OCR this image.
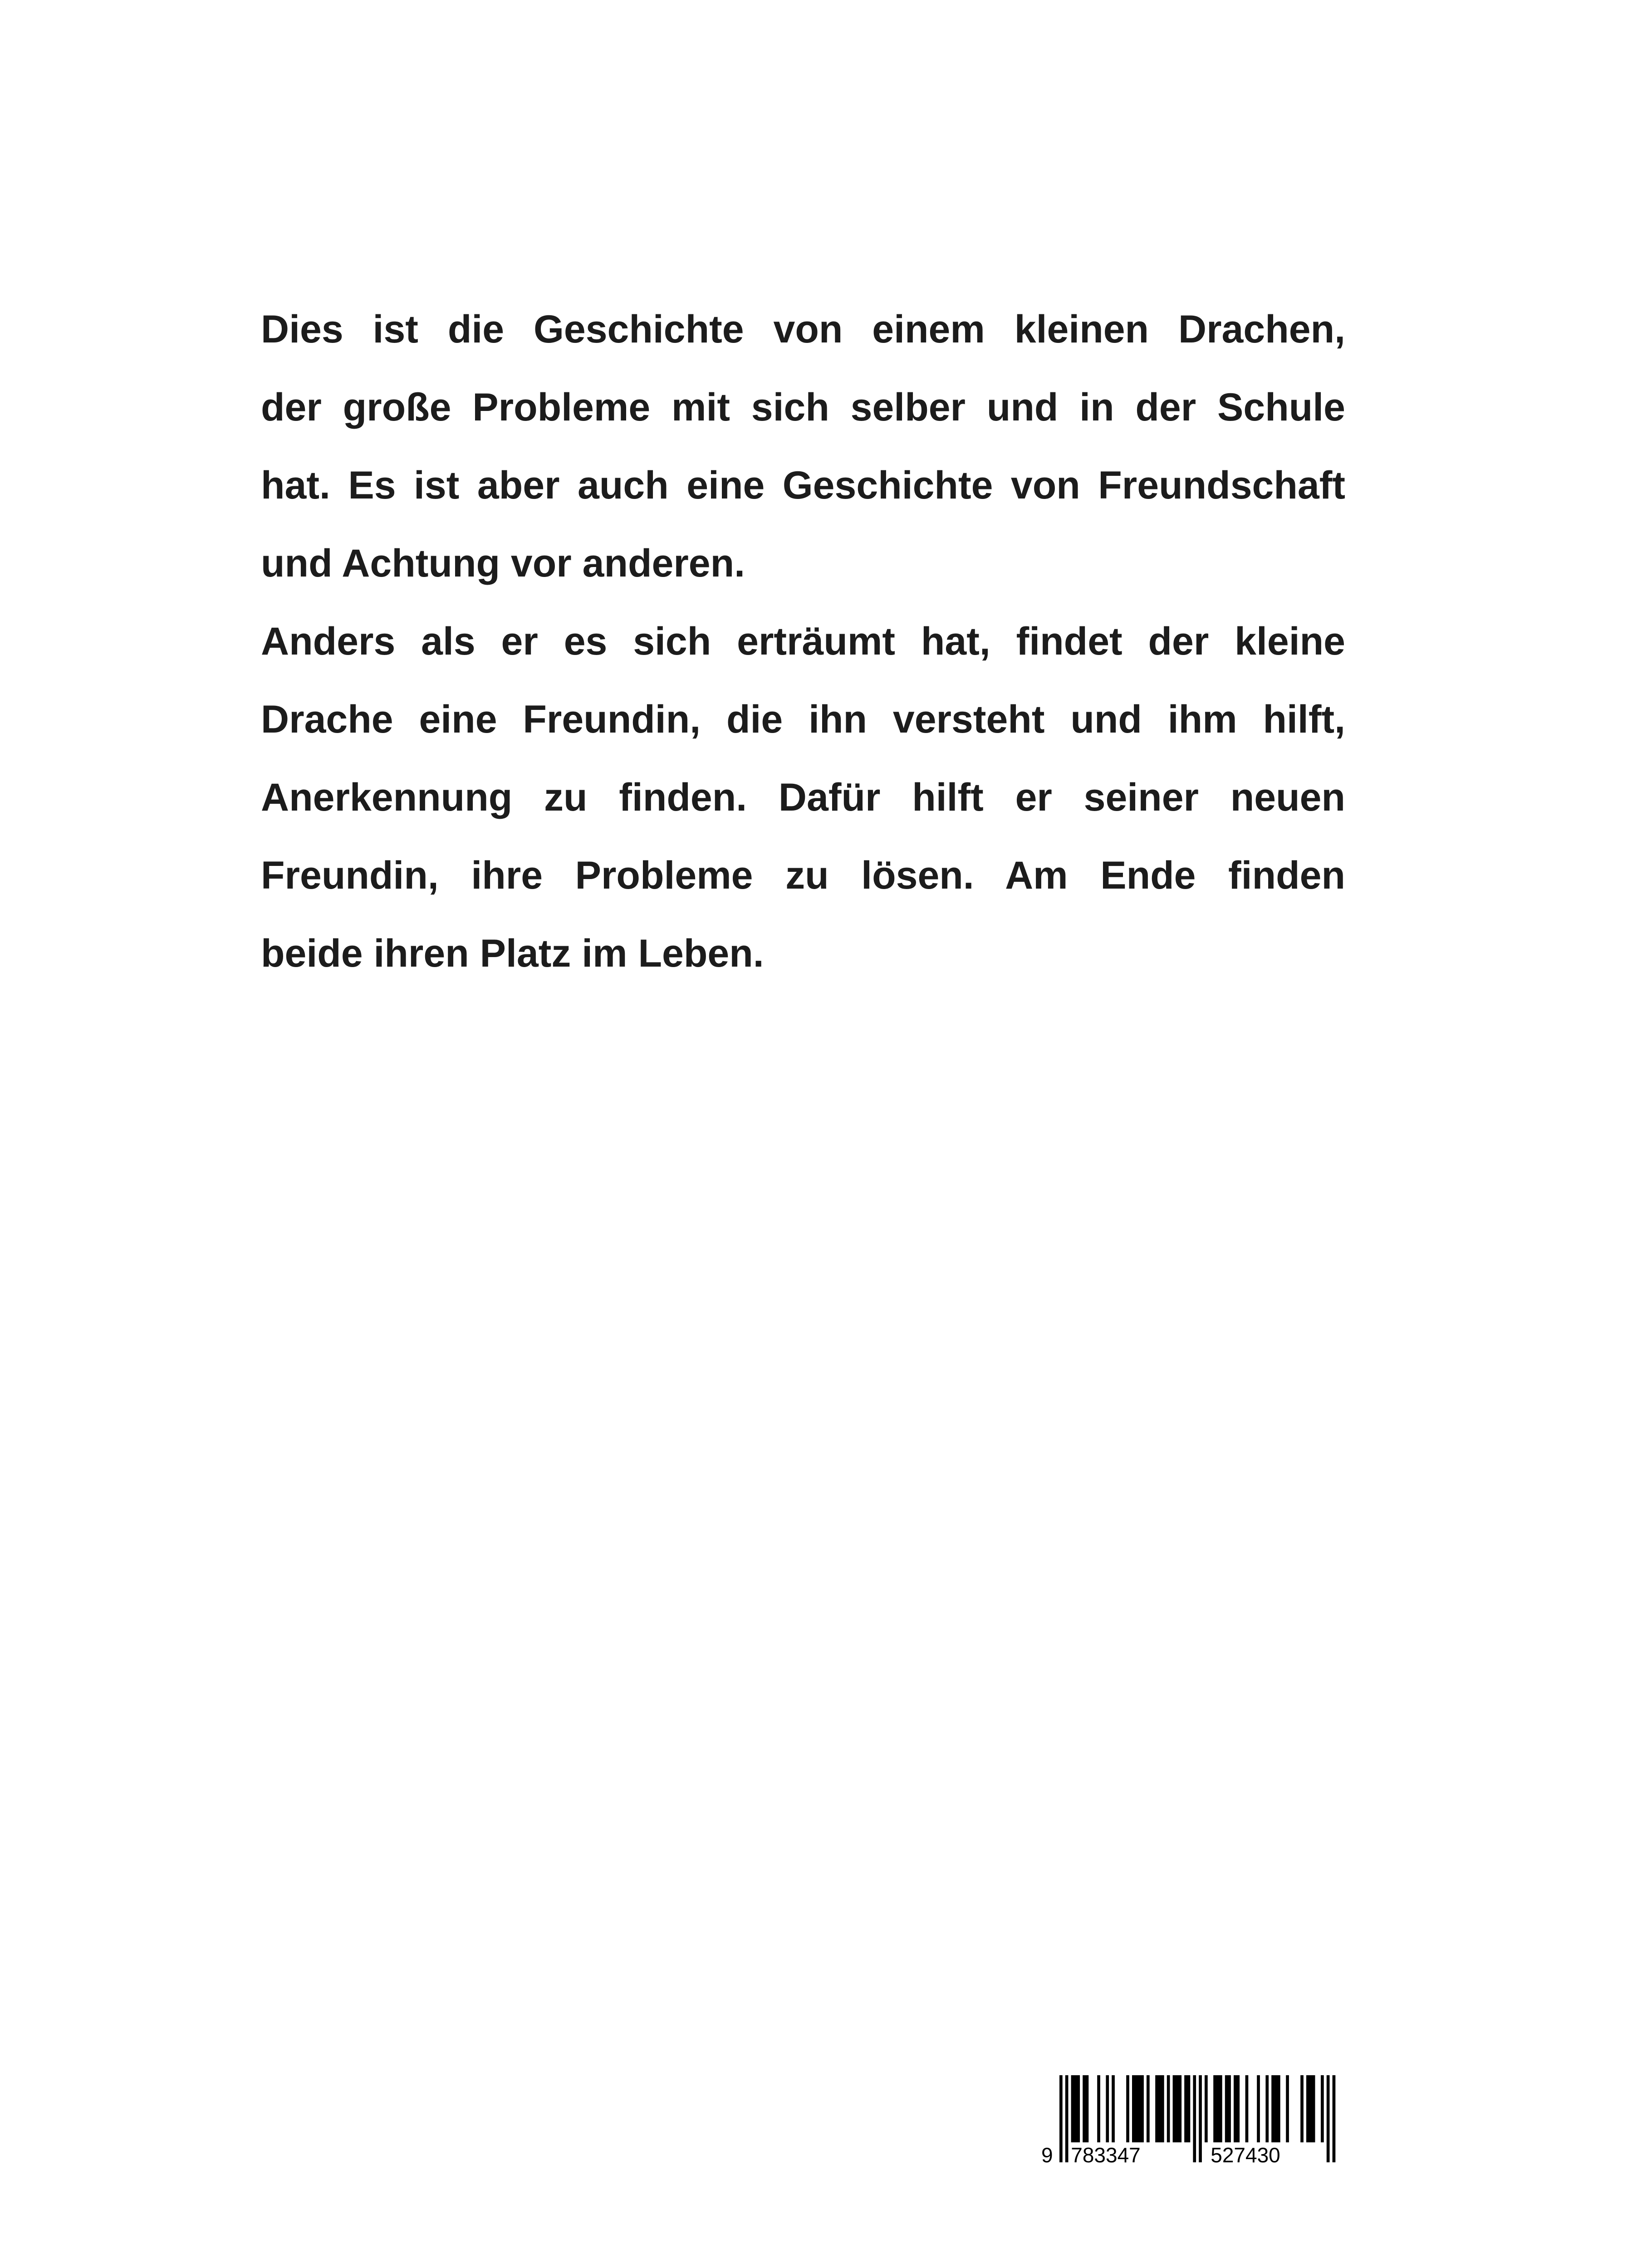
Dies ist die Geschichte von einem kleinen Drachen,
der große Probleme mit sich selber und in der Schule
hat. Es ist aber auch eine Geschichte von Freundschaft
und Achtung vor anderen.
Anders als er es sich erträumt hat, findet der kleine
Drache eine Freundin, die ihn versteht und ihm hilft,
Anerkennung zu finden. Dafür hilft er seiner neuen
Freundin, ihre Probleme zu lösen. Am Ende finden
beide ihren Platz im Leben.
9 783347	527430
